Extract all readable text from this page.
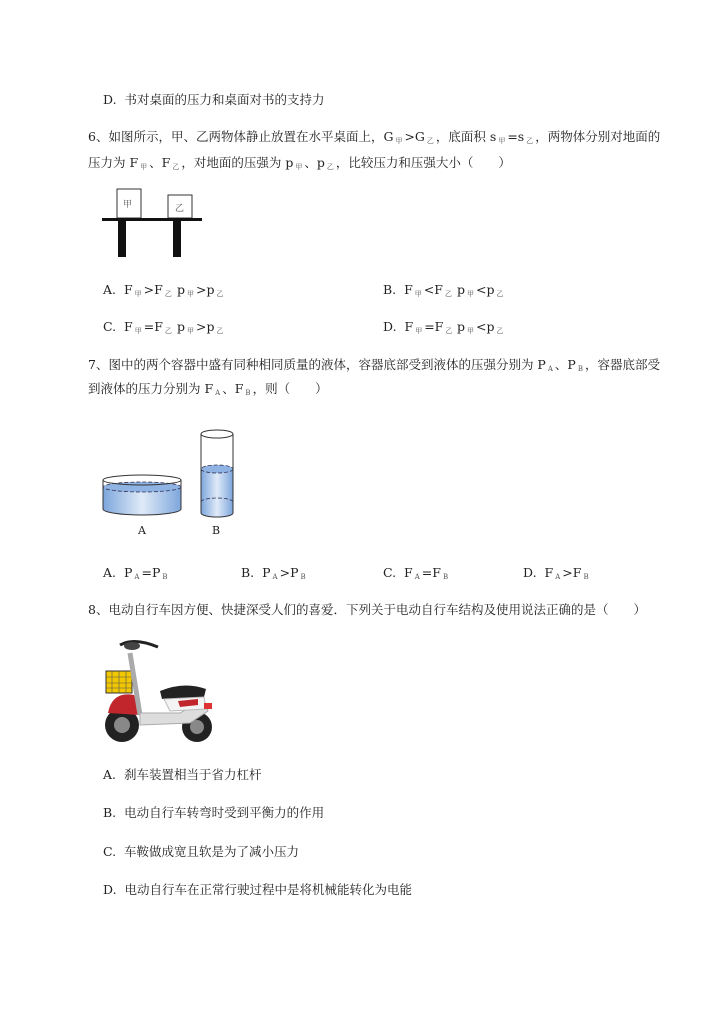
D. 书对桌面的压力和桌面对书的支持力
6、如图所示，甲、乙两物体静止放置在水平桌面上，G $_甲$ >G $_乙$ ，底面积 s $_甲$ =s $_乙$ ，两物体分别对地面的
压力为 F $_甲$ 、F $_乙$ ，对地面的压强为 p $_甲$ 、p $_乙$ ，比较压力和压强大小（　　）
甲	乙
A.  F $_甲$ >F $_乙$ p $_甲$ >p $_乙$	B.  F $_甲$ <F $_乙$ p $_甲$ <p $_乙$
C.  F $_甲$ =F $_乙$ p $_甲$ >p $_乙$	D.  F $_甲$ =F $_乙$ p $_甲$ <p $_乙$
7、图中的两个容器中盛有同种相同质量的液体，容器底部受到液体的压强分别为 P $_A$ 、P $_B$ ，容器底部受
到液体的压力分别为 F $_A$ 、F $_B$ ，则（　　）
A	B
A. P $_A$ =P $_B$	B. P $_A$ >P $_B$	C. F $_A$ =F $_B$	D. F $_A$ >F $_B$
8、电动自行车因方便、快捷深受人们的喜爱．下列关于电动自行车结构及使用说法正确的是（　　）
A. 刹车装置相当于省力杠杆
B. 电动自行车转弯时受到平衡力的作用
C. 车鞍做成宽且软是为了减小压力
D. 电动自行车在正常行驶过程中是将机械能转化为电能
